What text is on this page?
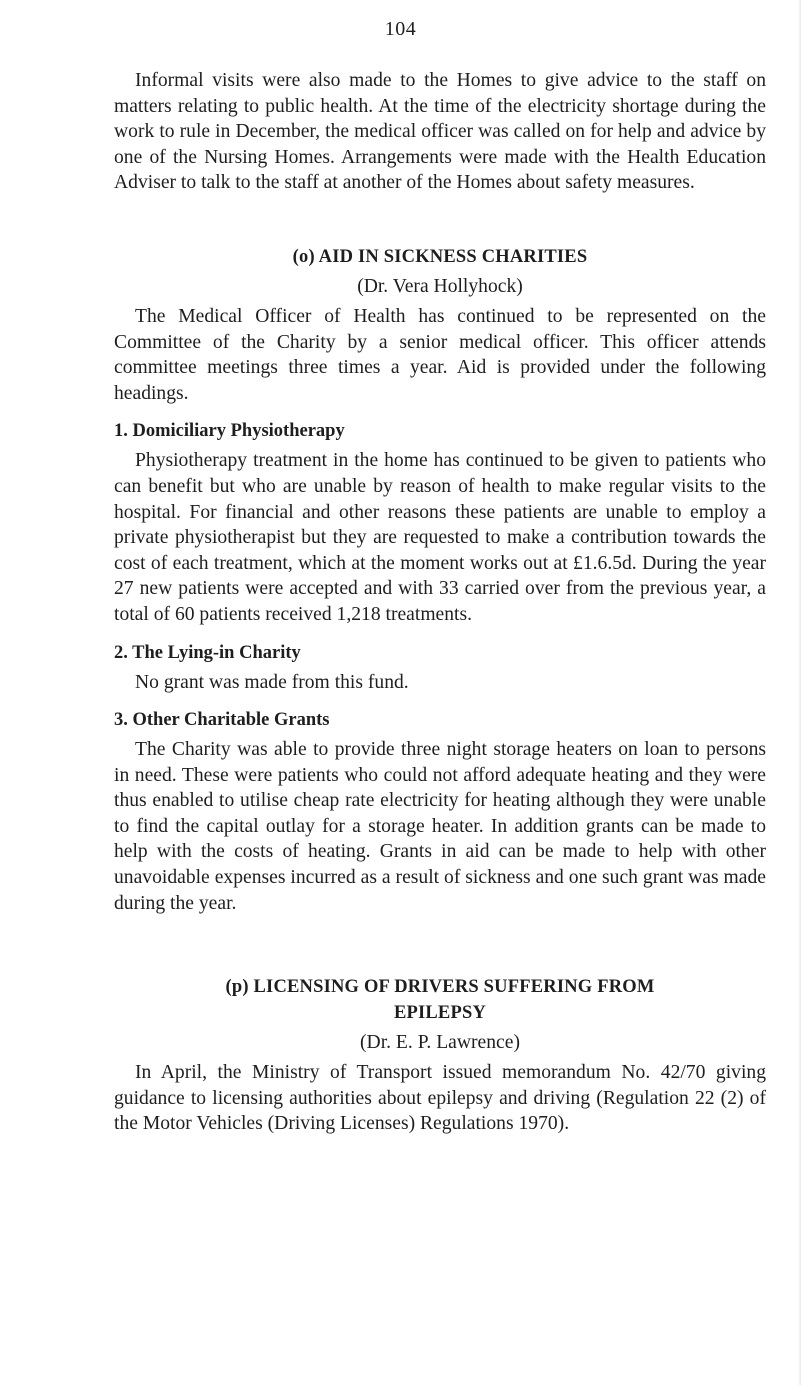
104

Informal visits were also made to the Homes to give advice to the staff on matters relating to public health. At the time of the electricity shortage during the work to rule in December, the medical officer was called on for help and advice by one of the Nursing Homes. Arrangements were made with the Health Education Adviser to talk to the staff at another of the Homes about safety measures.

(o) AID IN SICKNESS CHARITIES
(Dr. Vera Hollyhock)

The Medical Officer of Health has continued to be represented on the Committee of the Charity by a senior medical officer. This officer attends committee meetings three times a year. Aid is provided under the following headings.

1. Domiciliary Physiotherapy

Physiotherapy treatment in the home has continued to be given to patients who can benefit but who are unable by reason of health to make regular visits to the hospital. For financial and other reasons these patients are unable to employ a private physiotherapist but they are requested to make a contribution towards the cost of each treatment, which at the moment works out at £1.6.5d. During the year 27 new patients were accepted and with 33 carried over from the previous year, a total of 60 patients received 1,218 treatments.

2. The Lying-in Charity

No grant was made from this fund.

3. Other Charitable Grants

The Charity was able to provide three night storage heaters on loan to persons in need. These were patients who could not afford adequate heating and they were thus enabled to utilise cheap rate electricity for heating although they were unable to find the capital outlay for a storage heater. In addition grants can be made to help with the costs of heating. Grants in aid can be made to help with other unavoidable expenses incurred as a result of sickness and one such grant was made during the year.

(p) LICENSING OF DRIVERS SUFFERING FROM
EPILEPSY
(Dr. E. P. Lawrence)

In April, the Ministry of Transport issued memorandum No. 42/70 giving guidance to licensing authorities about epilepsy and driving (Regulation 22 (2) of the Motor Vehicles (Driving Licenses) Regulations 1970).
